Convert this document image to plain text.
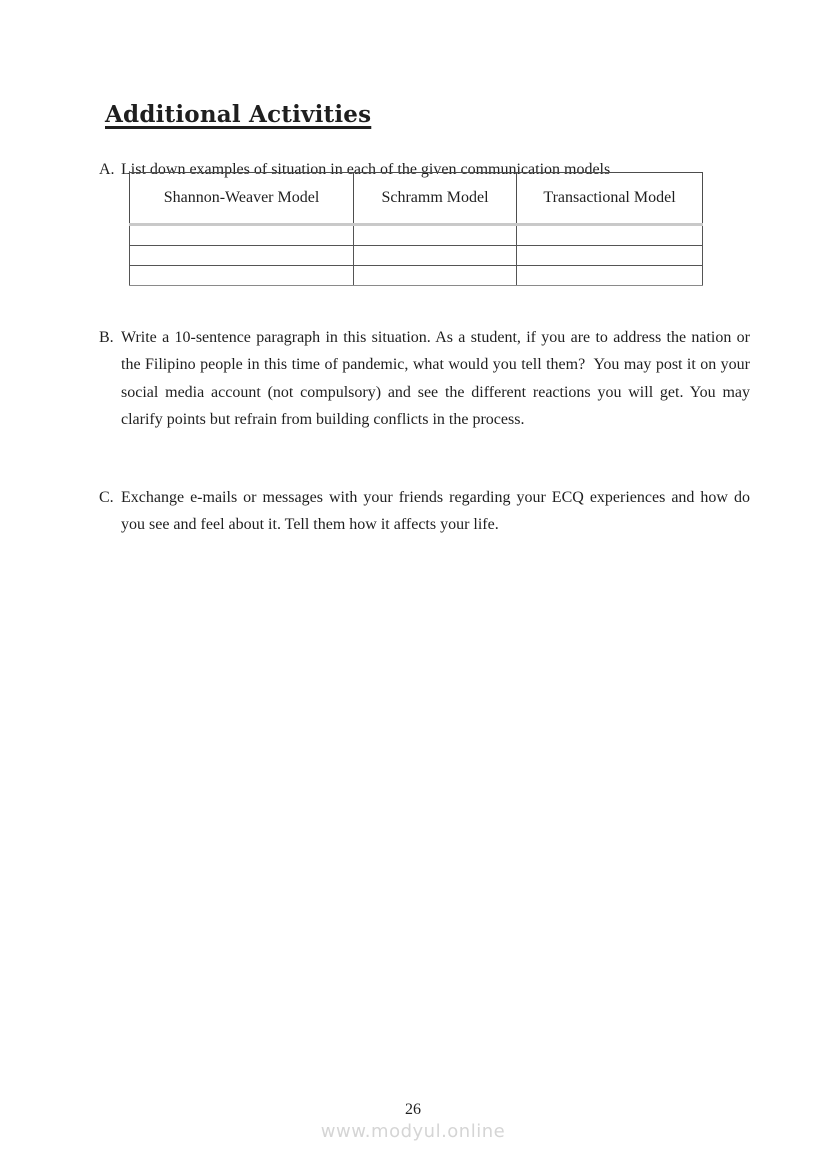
Additional Activities

A. List down examples of situation in each of the given communication models

Shannon-Weaver Model	Schramm Model	Transactional Model

B. Write a 10-sentence paragraph in this situation. As a student, if you are to address the nation or the Filipino people in this time of pandemic, what would you tell them?  You may post it on your social media account (not compulsory) and see the different reactions you will get. You may clarify points but refrain from building conflicts in the process.

C. Exchange e-mails or messages with your friends regarding your ECQ experiences and how do you see and feel about it. Tell them how it affects your life.

26
www.modyul.online
